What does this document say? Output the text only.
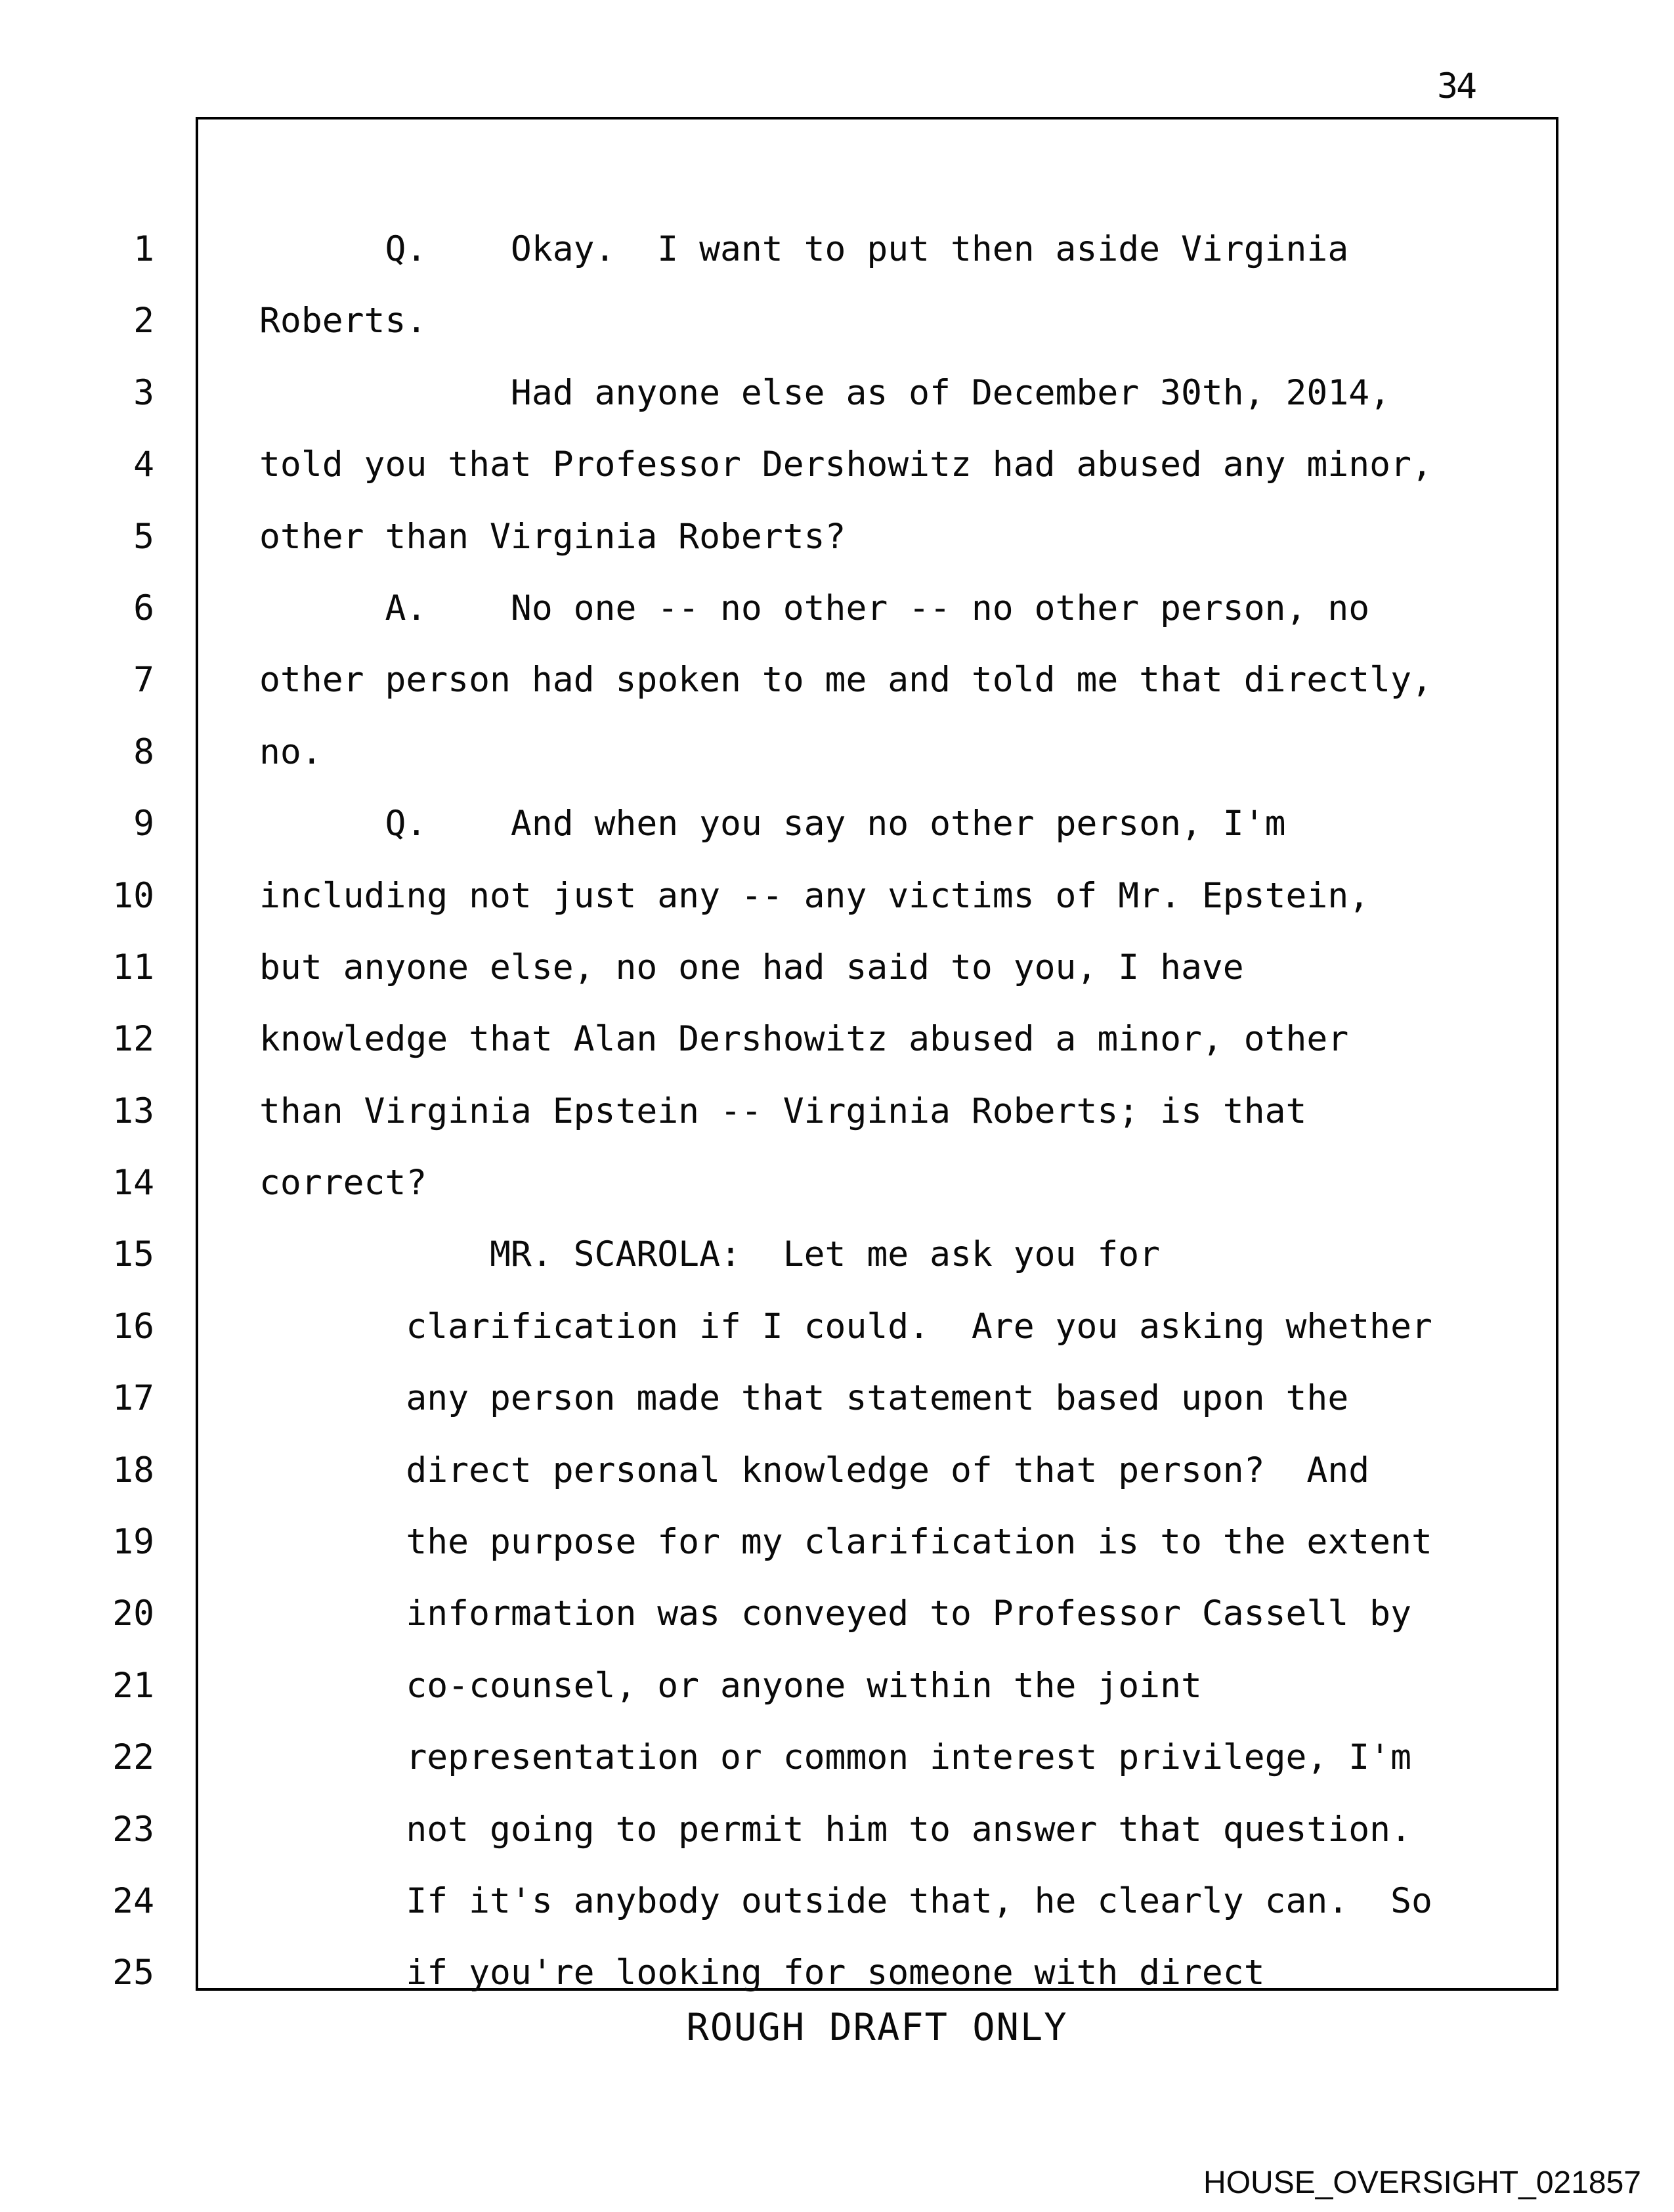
34
1	Q.    Okay.  I want to put then aside Virginia
2	Roberts.
3	Had anyone else as of December 30th, 2014,
4	told you that Professor Dershowitz had abused any minor,
5	other than Virginia Roberts?
6	A.    No one -- no other -- no other person, no
7	other person had spoken to me and told me that directly,
8	no.
9	Q.    And when you say no other person, I'm
10	including not just any -- any victims of Mr. Epstein,
11	but anyone else, no one had said to you, I have
12	knowledge that Alan Dershowitz abused a minor, other
13	than Virginia Epstein -- Virginia Roberts; is that
14	correct?
15	MR. SCAROLA:  Let me ask you for
16	clarification if I could.  Are you asking whether
17	any person made that statement based upon the
18	direct personal knowledge of that person?  And
19	the purpose for my clarification is to the extent
20	information was conveyed to Professor Cassell by
21	co-counsel, or anyone within the joint
22	representation or common interest privilege, I'm
23	not going to permit him to answer that question.
24	If it's anybody outside that, he clearly can.  So
25	if you're looking for someone with direct
ROUGH DRAFT ONLY
HOUSE_OVERSIGHT_021857
